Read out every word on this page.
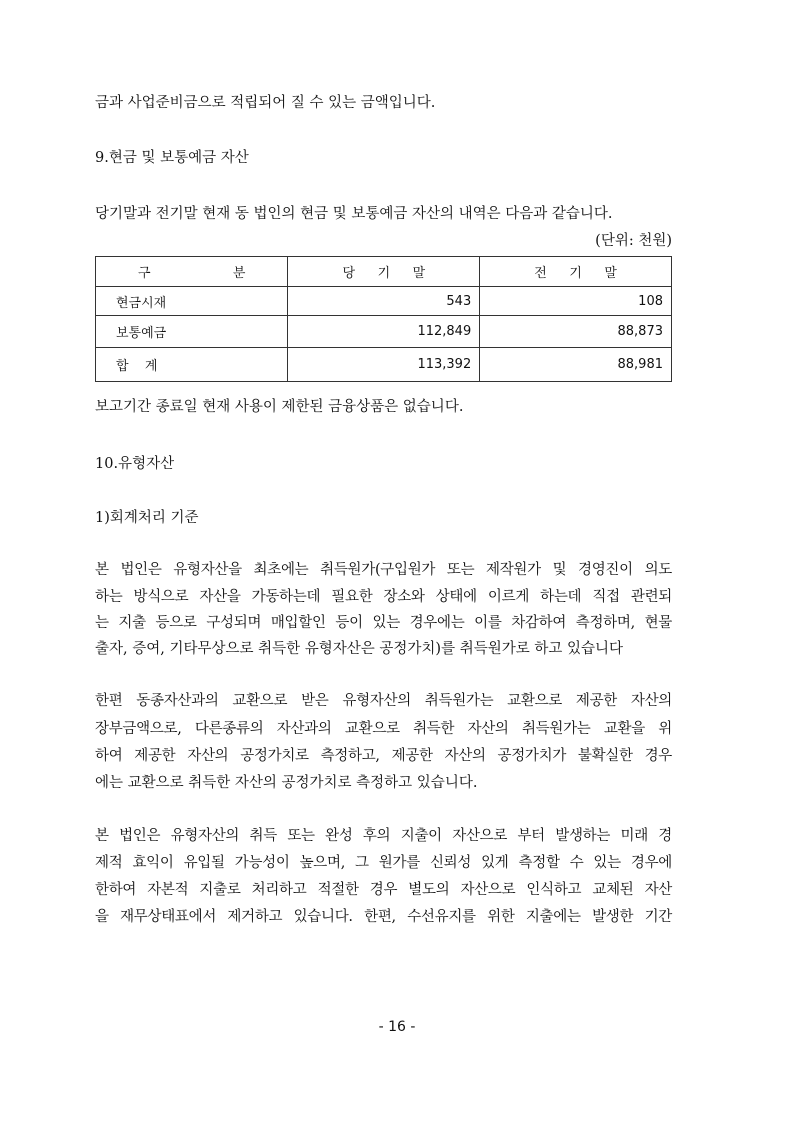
금과 사업준비금으로 적립되어 질 수 있는 금액입니다.
9.현금 및 보통예금 자산
당기말과 전기말 현재 동 법인의 현금 및 보통예금 자산의 내역은 다음과 같습니다.
(단위: 천원)
구 분	당 기 말	전 기 말

현금시재	543	108

보통예금	112,849	88,873

합 계	113,392	88,981
보고기간 종료일 현재 사용이 제한된 금융상품은 없습니다.
10.유형자산
1)회계처리 기준
본 법인은 유형자산을 최초에는 취득원가(구입원가 또는 제작원가 및 경영진이 의도
하는 방식으로 자산을 가동하는데 필요한 장소와 상태에 이르게 하는데 직접 관련되
는 지출 등으로 구성되며 매입할인 등이 있는 경우에는 이를 차감하여 측정하며, 현물
출자, 증여, 기타무상으로 취득한 유형자산은 공정가치)를 취득원가로 하고 있습니다
한편 동종자산과의 교환으로 받은 유형자산의 취득원가는 교환으로 제공한 자산의
장부금액으로, 다른종류의 자산과의 교환으로 취득한 자산의 취득원가는 교환을 위
하여 제공한 자산의 공정가치로 측정하고, 제공한 자산의 공정가치가 불확실한 경우
에는 교환으로 취득한 자산의 공정가치로 측정하고 있습니다.
본 법인은 유형자산의 취득 또는 완성 후의 지출이 자산으로 부터 발생하는 미래 경
제적 효익이 유입될 가능성이 높으며, 그 원가를 신뢰성 있게 측정할 수 있는 경우에
한하여 자본적 지출로 처리하고 적절한 경우 별도의 자산으로 인식하고 교체된 자산
을 재무상태표에서 제거하고 있습니다. 한편, 수선유지를 위한 지출에는 발생한 기간
- 16 -
